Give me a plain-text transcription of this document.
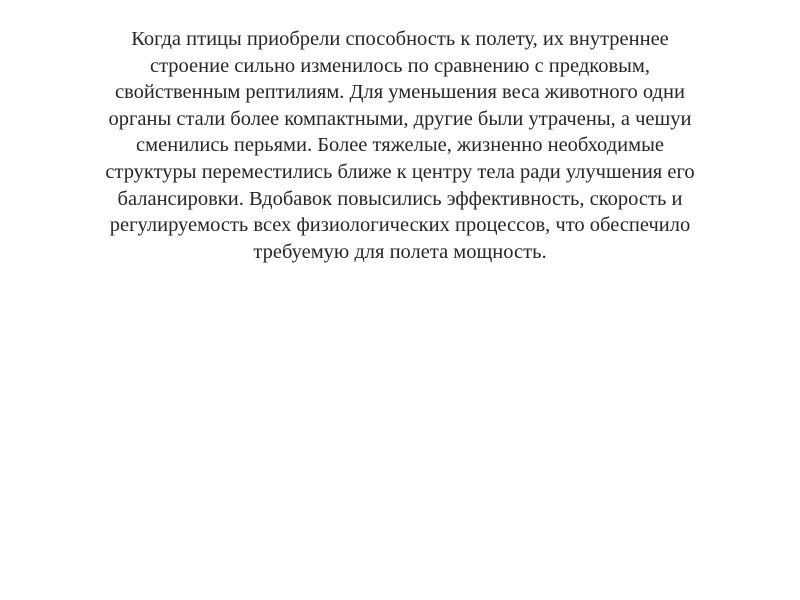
Когда птицы приобрели способность к полету, их внутреннее
строение сильно изменилось по сравнению с предковым,
свойственным рептилиям. Для уменьшения веса животного одни
органы стали более компактными, другие были утрачены, а чешуи
сменились перьями. Более тяжелые, жизненно необходимые
структуры переместились ближе к центру тела ради улучшения его
балансировки. Вдобавок повысились эффективность, скорость и
регулируемость всех физиологических процессов, что обеспечило
требуемую для полета мощность.
